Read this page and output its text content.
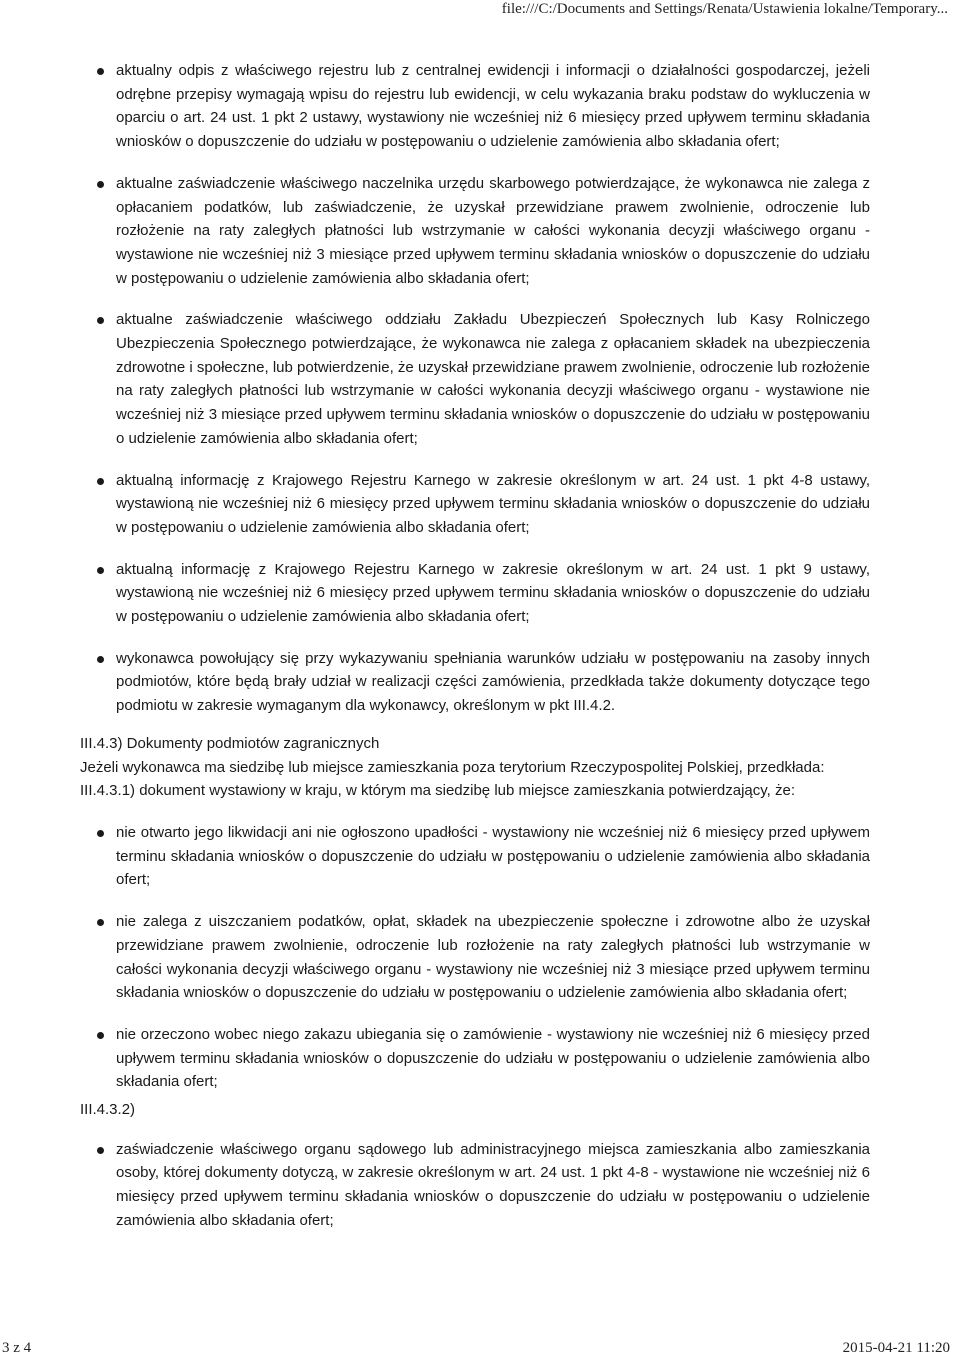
file:///C:/Documents and Settings/Renata/Ustawienia lokalne/Temporary...
aktualny odpis z właściwego rejestru lub z centralnej ewidencji i informacji o działalności gospodarczej, jeżeli odrębne przepisy wymagają wpisu do rejestru lub ewidencji, w celu wykazania braku podstaw do wykluczenia w oparciu o art. 24 ust. 1 pkt 2 ustawy, wystawiony nie wcześniej niż 6 miesięcy przed upływem terminu składania wniosków o dopuszczenie do udziału w postępowaniu o udzielenie zamówienia albo składania ofert;
aktualne zaświadczenie właściwego naczelnika urzędu skarbowego potwierdzające, że wykonawca nie zalega z opłacaniem podatków, lub zaświadczenie, że uzyskał przewidziane prawem zwolnienie, odroczenie lub rozłożenie na raty zaległych płatności lub wstrzymanie w całości wykonania decyzji właściwego organu - wystawione nie wcześniej niż 3 miesiące przed upływem terminu składania wniosków o dopuszczenie do udziału w postępowaniu o udzielenie zamówienia albo składania ofert;
aktualne zaświadczenie właściwego oddziału Zakładu Ubezpieczeń Społecznych lub Kasy Rolniczego Ubezpieczenia Społecznego potwierdzające, że wykonawca nie zalega z opłacaniem składek na ubezpieczenia zdrowotne i społeczne, lub potwierdzenie, że uzyskał przewidziane prawem zwolnienie, odroczenie lub rozłożenie na raty zaległych płatności lub wstrzymanie w całości wykonania decyzji właściwego organu - wystawione nie wcześniej niż 3 miesiące przed upływem terminu składania wniosków o dopuszczenie do udziału w postępowaniu o udzielenie zamówienia albo składania ofert;
aktualną informację z Krajowego Rejestru Karnego w zakresie określonym w art. 24 ust. 1 pkt 4-8 ustawy, wystawioną nie wcześniej niż 6 miesięcy przed upływem terminu składania wniosków o dopuszczenie do udziału w postępowaniu o udzielenie zamówienia albo składania ofert;
aktualną informację z Krajowego Rejestru Karnego w zakresie określonym w art. 24 ust. 1 pkt 9 ustawy, wystawioną nie wcześniej niż 6 miesięcy przed upływem terminu składania wniosków o dopuszczenie do udziału w postępowaniu o udzielenie zamówienia albo składania ofert;
wykonawca powołujący się przy wykazywaniu spełniania warunków udziału w postępowaniu na zasoby innych podmiotów, które będą brały udział w realizacji części zamówienia, przedkłada także dokumenty dotyczące tego podmiotu w zakresie wymaganym dla wykonawcy, określonym w pkt III.4.2.

III.4.3) Dokumenty podmiotów zagranicznych

Jeżeli wykonawca ma siedzibę lub miejsce zamieszkania poza terytorium Rzeczypospolitej Polskiej, przedkłada:

III.4.3.1) dokument wystawiony w kraju, w którym ma siedzibę lub miejsce zamieszkania potwierdzający, że:

nie otwarto jego likwidacji ani nie ogłoszono upadłości - wystawiony nie wcześniej niż 6 miesięcy przed upływem terminu składania wniosków o dopuszczenie do udziału w postępowaniu o udzielenie zamówienia albo składania ofert;
nie zalega z uiszczaniem podatków, opłat, składek na ubezpieczenie społeczne i zdrowotne albo że uzyskał przewidziane prawem zwolnienie, odroczenie lub rozłożenie na raty zaległych płatności lub wstrzymanie w całości wykonania decyzji właściwego organu - wystawiony nie wcześniej niż 3 miesiące przed upływem terminu składania wniosków o dopuszczenie do udziału w postępowaniu o udzielenie zamówienia albo składania ofert;
nie orzeczono wobec niego zakazu ubiegania się o zamówienie - wystawiony nie wcześniej niż 6 miesięcy przed upływem terminu składania wniosków o dopuszczenie do udziału w postępowaniu o udzielenie zamówienia albo składania ofert;

III.4.3.2)

zaświadczenie właściwego organu sądowego lub administracyjnego miejsca zamieszkania albo zamieszkania osoby, której dokumenty dotyczą, w zakresie określonym w art. 24 ust. 1 pkt 4-8 - wystawione nie wcześniej niż 6 miesięcy przed upływem terminu składania wniosków o dopuszczenie do udziału w postępowaniu o udzielenie zamówienia albo składania ofert;
3 z 4	2015-04-21 11:20
